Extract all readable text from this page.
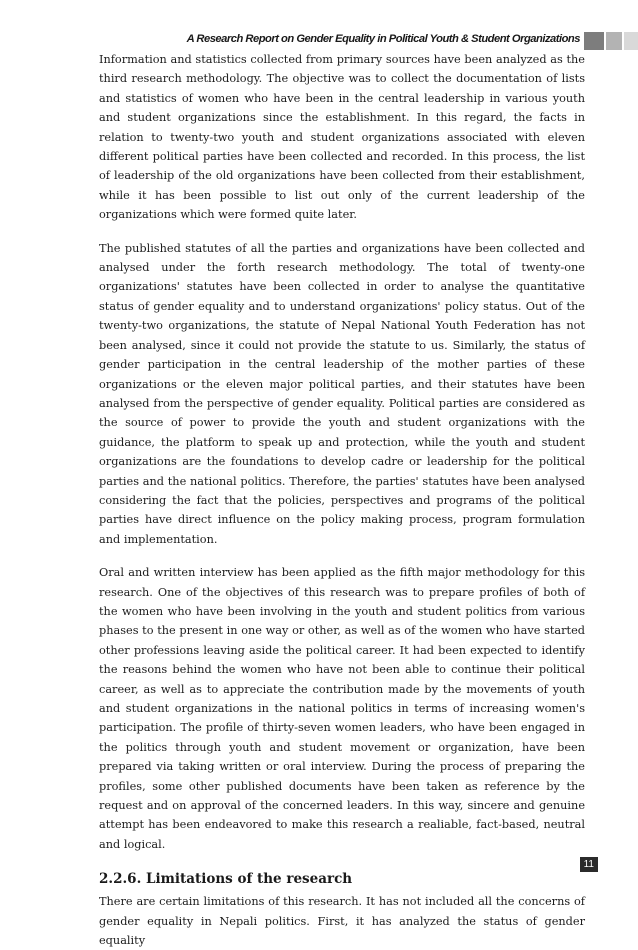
A Research Report on Gender Equality in Political Youth & Student Organizations

Information and statistics collected from primary sources have been analyzed as the third research methodology. The objective was to collect the documentation of lists and statistics of women who have been in the central leadership in various youth and student organizations since the establishment. In this regard, the facts in relation to twenty-two youth and student organizations associated with eleven different political parties have been collected and recorded. In this process, the list of leadership of the old organizations have been collected from their establishment, while it has been possible to list out only of the current leadership of the organizations which were formed quite later.

The published statutes of all the parties and organizations have been collected and analysed under the forth research methodology. The total of twenty-one organizations' statutes have been collected in order to analyse the quantitative status of gender equality and to understand organizations' policy status. Out of the twenty-two organizations, the statute of Nepal National Youth Federation has not been analysed, since it could not provide the statute to us. Similarly, the status of gender participation in the central leadership of the mother parties of these organizations or the eleven major political parties, and their statutes have been analysed from the perspective of gender equality. Political parties are considered as the source of power to provide the youth and student organizations with the guidance, the platform to speak up and protection, while the youth and student organizations are the foundations to develop cadre or leadership for the political parties and the national politics. Therefore, the parties' statutes have been analysed considering the fact that the policies, perspectives and programs of the political parties have direct influence on the policy making process, program formulation and implementation.

Oral and written interview has been applied as the fifth major methodology for this research. One of the objectives of this research was to prepare profiles of both of the women who have been involving in the youth and student politics from various phases to the present in one way or other, as well as of the women who have started other professions leaving aside the political career. It had been expected to identify the reasons behind the women who have not been able to continue their political career, as well as to appreciate the contribution made by the movements of youth and student organizations in the national politics in terms of increasing women's participation. The profile of thirty-seven women leaders, who have been engaged in the politics through youth and student movement or organization, have been prepared via taking written or oral interview. During the process of preparing the profiles, some other published documents have been taken as reference by the request and on approval of the concerned leaders. In this way, sincere and genuine attempt has been endeavored to make this research a realiable, fact-based, neutral and logical.

2.2.6. Limitations of the research

There are certain limitations of this research. It has not included all the concerns of gender equality in Nepali politics. First, it has analyzed the status of gender equality

11
